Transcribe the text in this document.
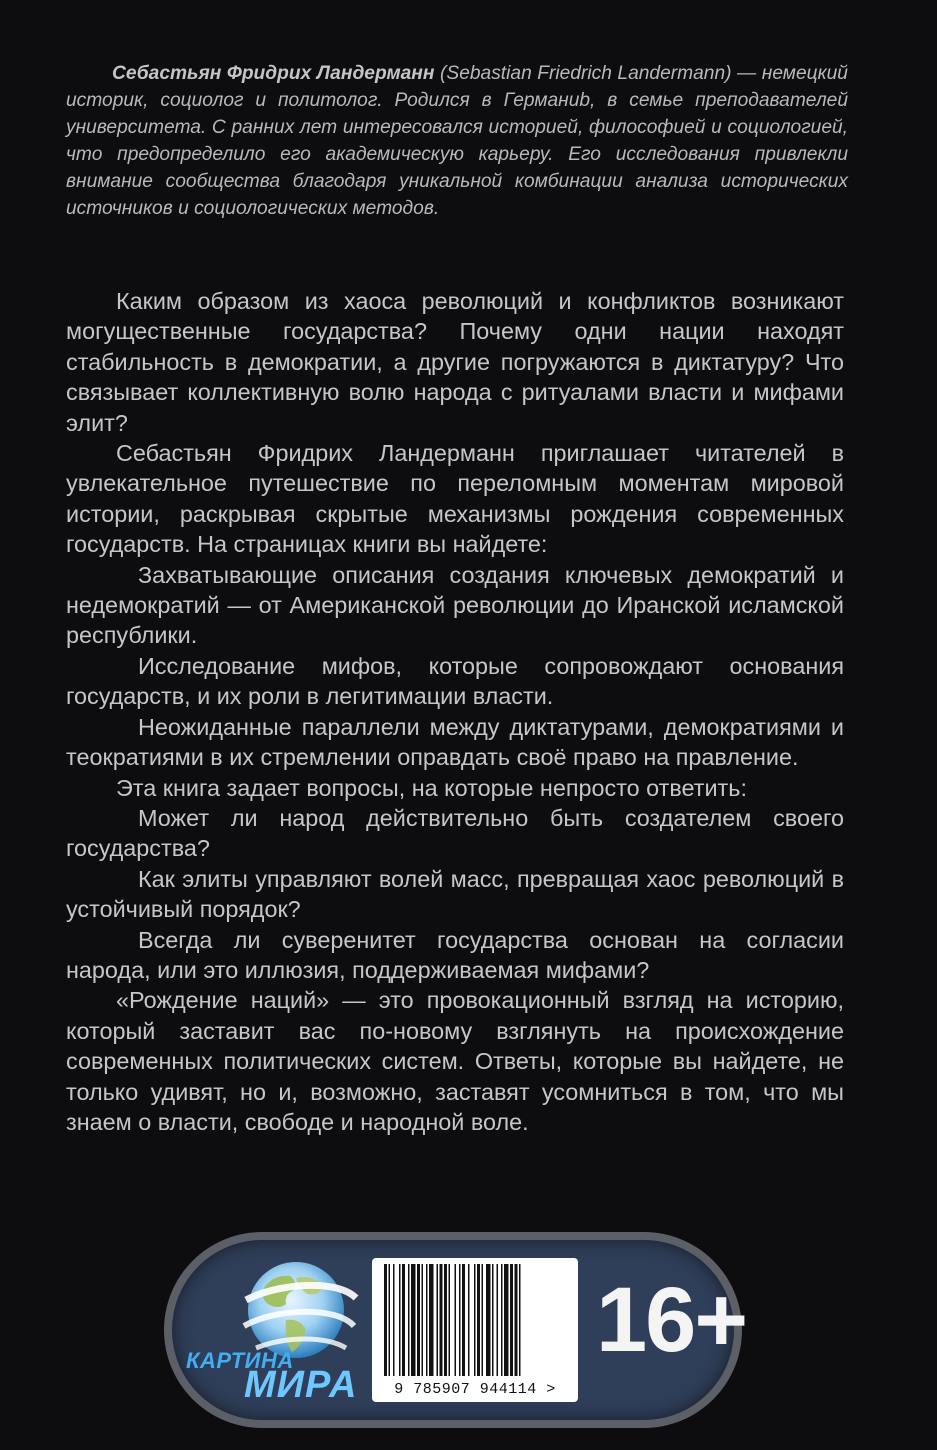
Себастьян Фридрих Ландерманн (Sebastian Friedrich Landermann) — немецкий историк, социолог и политолог. Родился в Германиb, в семье преподавателей университета. С ранних лет интересовался историей, философией и социологией, что предопределило его академическую карьеру. Его исследования привлекли внимание сообщества благодаря уникальной комбинации анализа исторических источников и социологических методов.

Каким образом из хаоса революций и конфликтов возникают могущественные государства? Почему одни нации находят стабильность в демократии, а другие погружаются в диктатуру? Что связывает коллективную волю народа с ритуалами власти и мифами элит?

Себастьян Фридрих Ландерманн приглашает читателей в увлекательное путешествие по переломным моментам мировой истории, раскрывая скрытые механизмы рождения современных государств. На страницах книги вы найдете:

Захватывающие описания создания ключевых демократий и недемократий — от Американской революции до Иранской исламской республики.

Исследование мифов, которые сопровождают основания государств, и их роли в легитимации власти.

Неожиданные параллели между диктатурами, демократиями и теократиями в их стремлении оправдать своё право на правление.

Эта книга задает вопросы, на которые непросто ответить:

Может ли народ действительно быть создателем своего государства?

Как элиты управляют волей масс, превращая хаос революций в устойчивый порядок?

Всегда ли суверенитет государства основан на согласии народа, или это иллюзия, поддерживаемая мифами?

«Рождение наций» — это провокационный взгляд на историю, который заставит вас по-новому взглянуть на происхождение современных политических систем. Ответы, которые вы найдете, не только удивят, но и, возможно, заставят усомниться в том, что мы знаем о власти, свободе и народной воле.

КАРТИНА
МИРА	9 785907 944114 >
16+
